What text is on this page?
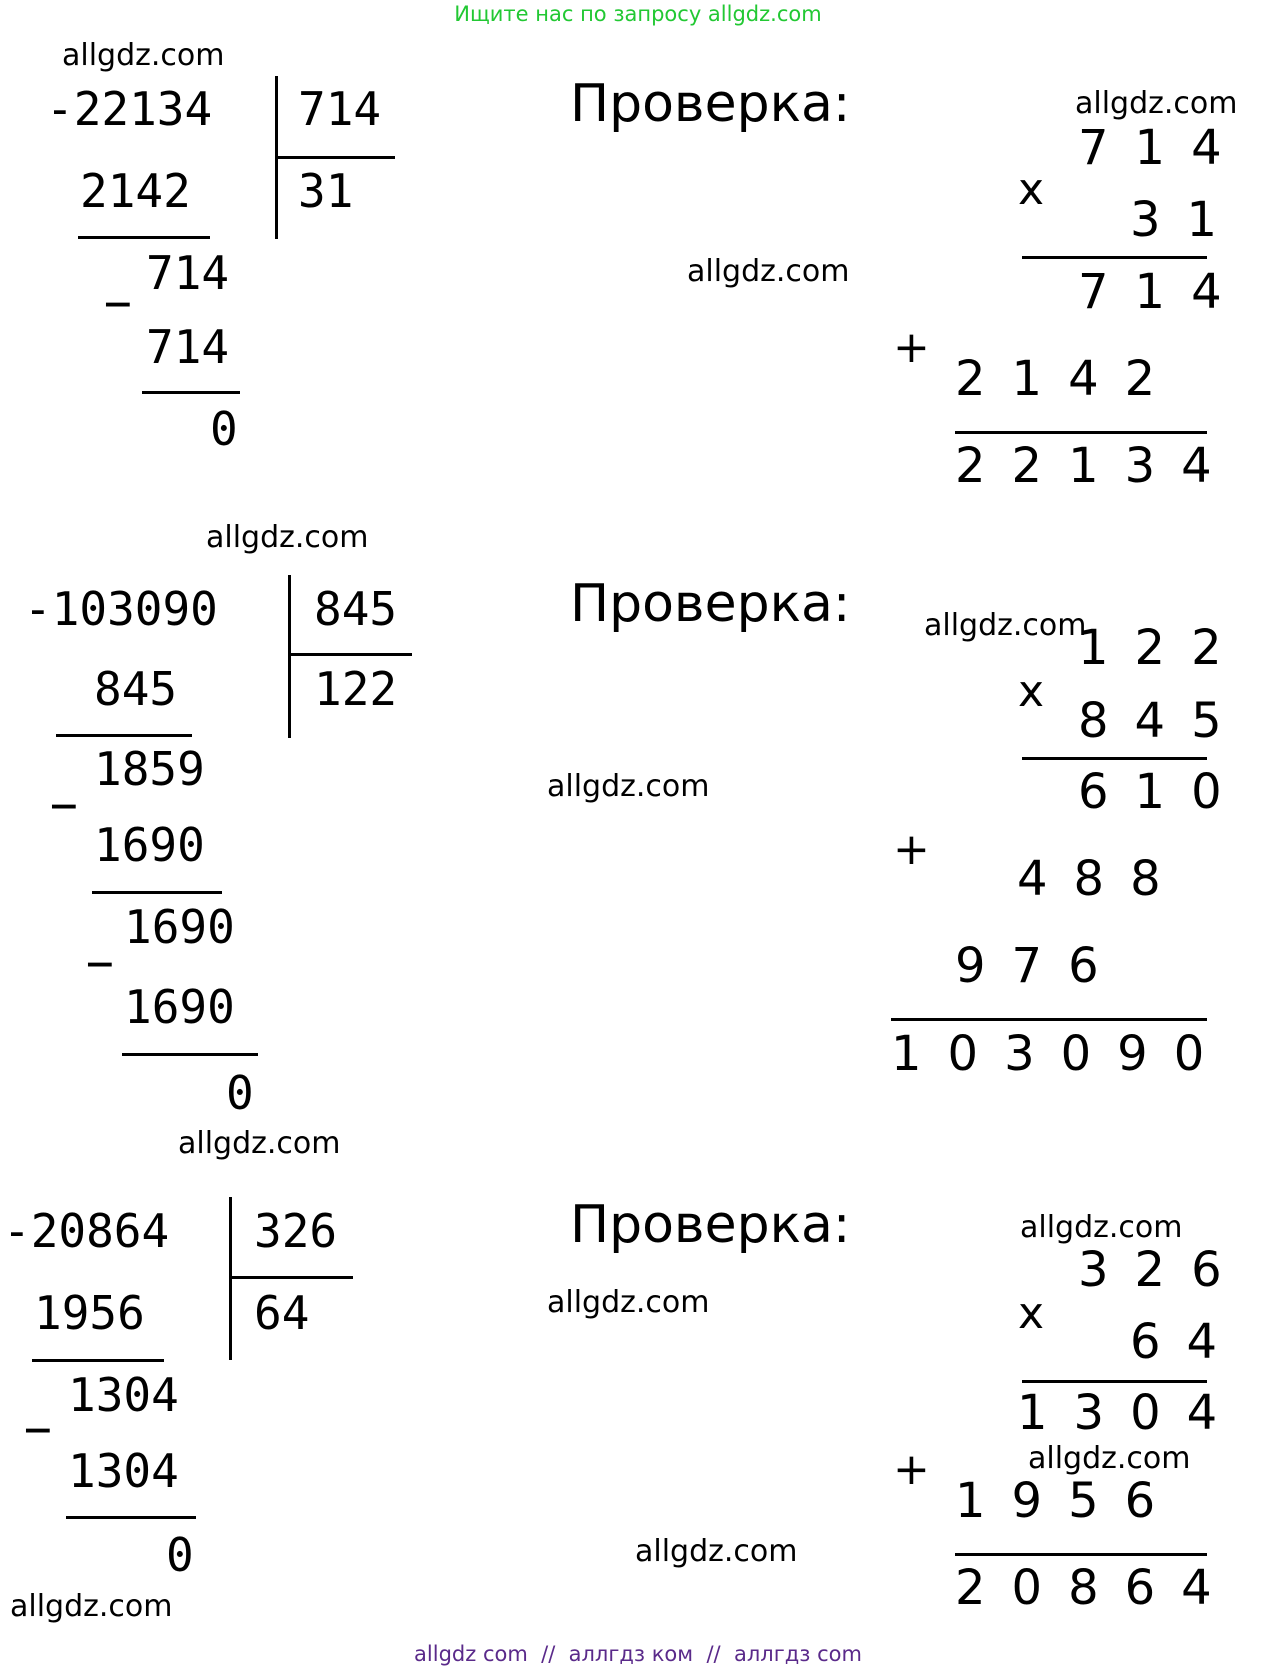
Ищите нас по запросу allgdz.com
allgdz.com
allgdz.com
allgdz.com
allgdz.com
allgdz.com
allgdz.com
allgdz.com
allgdz.com
allgdz.com
allgdz.com
allgdz.com
allgdz.com
-22134 714
31
2142
−
714
714
0
Проверка:
x
714
31
714
+
2142
22134
-103090 845
122
845
−
1859
1690
−
1690
1690
0
Проверка:
x
122
845
610
+
488
976
103090
-20864 326
64
1956
−
1304
1304
0
Проверка:
x
326
64
1304
+
1956
20864
allgdz com  //  аллгдз ком  //  аллгдз com
